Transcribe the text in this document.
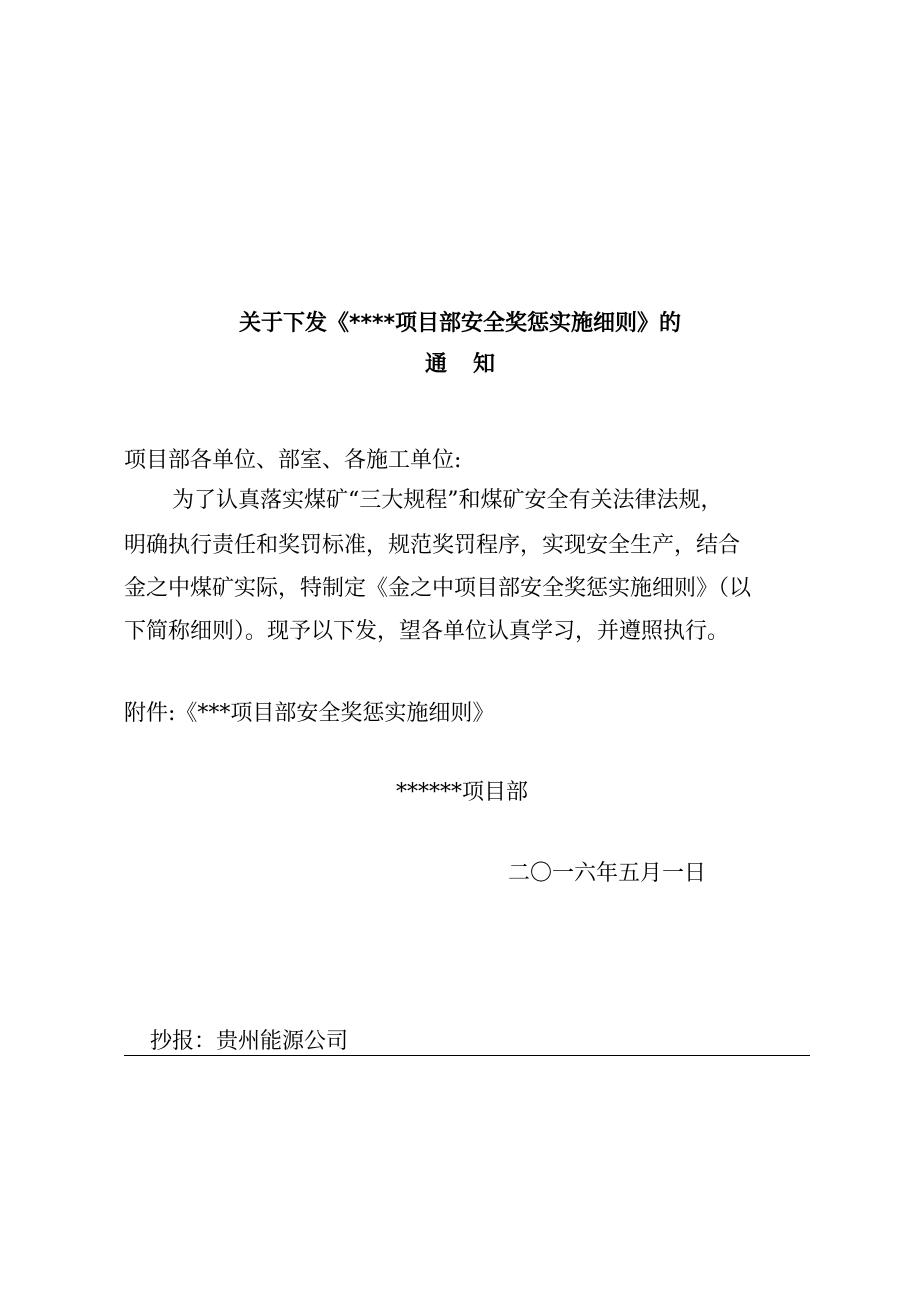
关于下发《****项目部安全奖惩实施细则》的
通知
项目部各单位、部室、各施工单位:
为了认真落实煤矿“三大规程”和煤矿安全有关法律法规，
明确执行责任和奖罚标准，规范奖罚程序，实现安全生产，结合
金之中煤矿实际，特制定《金之中项目部安全奖惩实施细则》（以
下简称细则）。现予以下发，望各单位认真学习，并遵照执行。
附件:《***项目部安全奖惩实施细则》
******项目部
二〇一六年五月一日
抄报：贵州能源公司
